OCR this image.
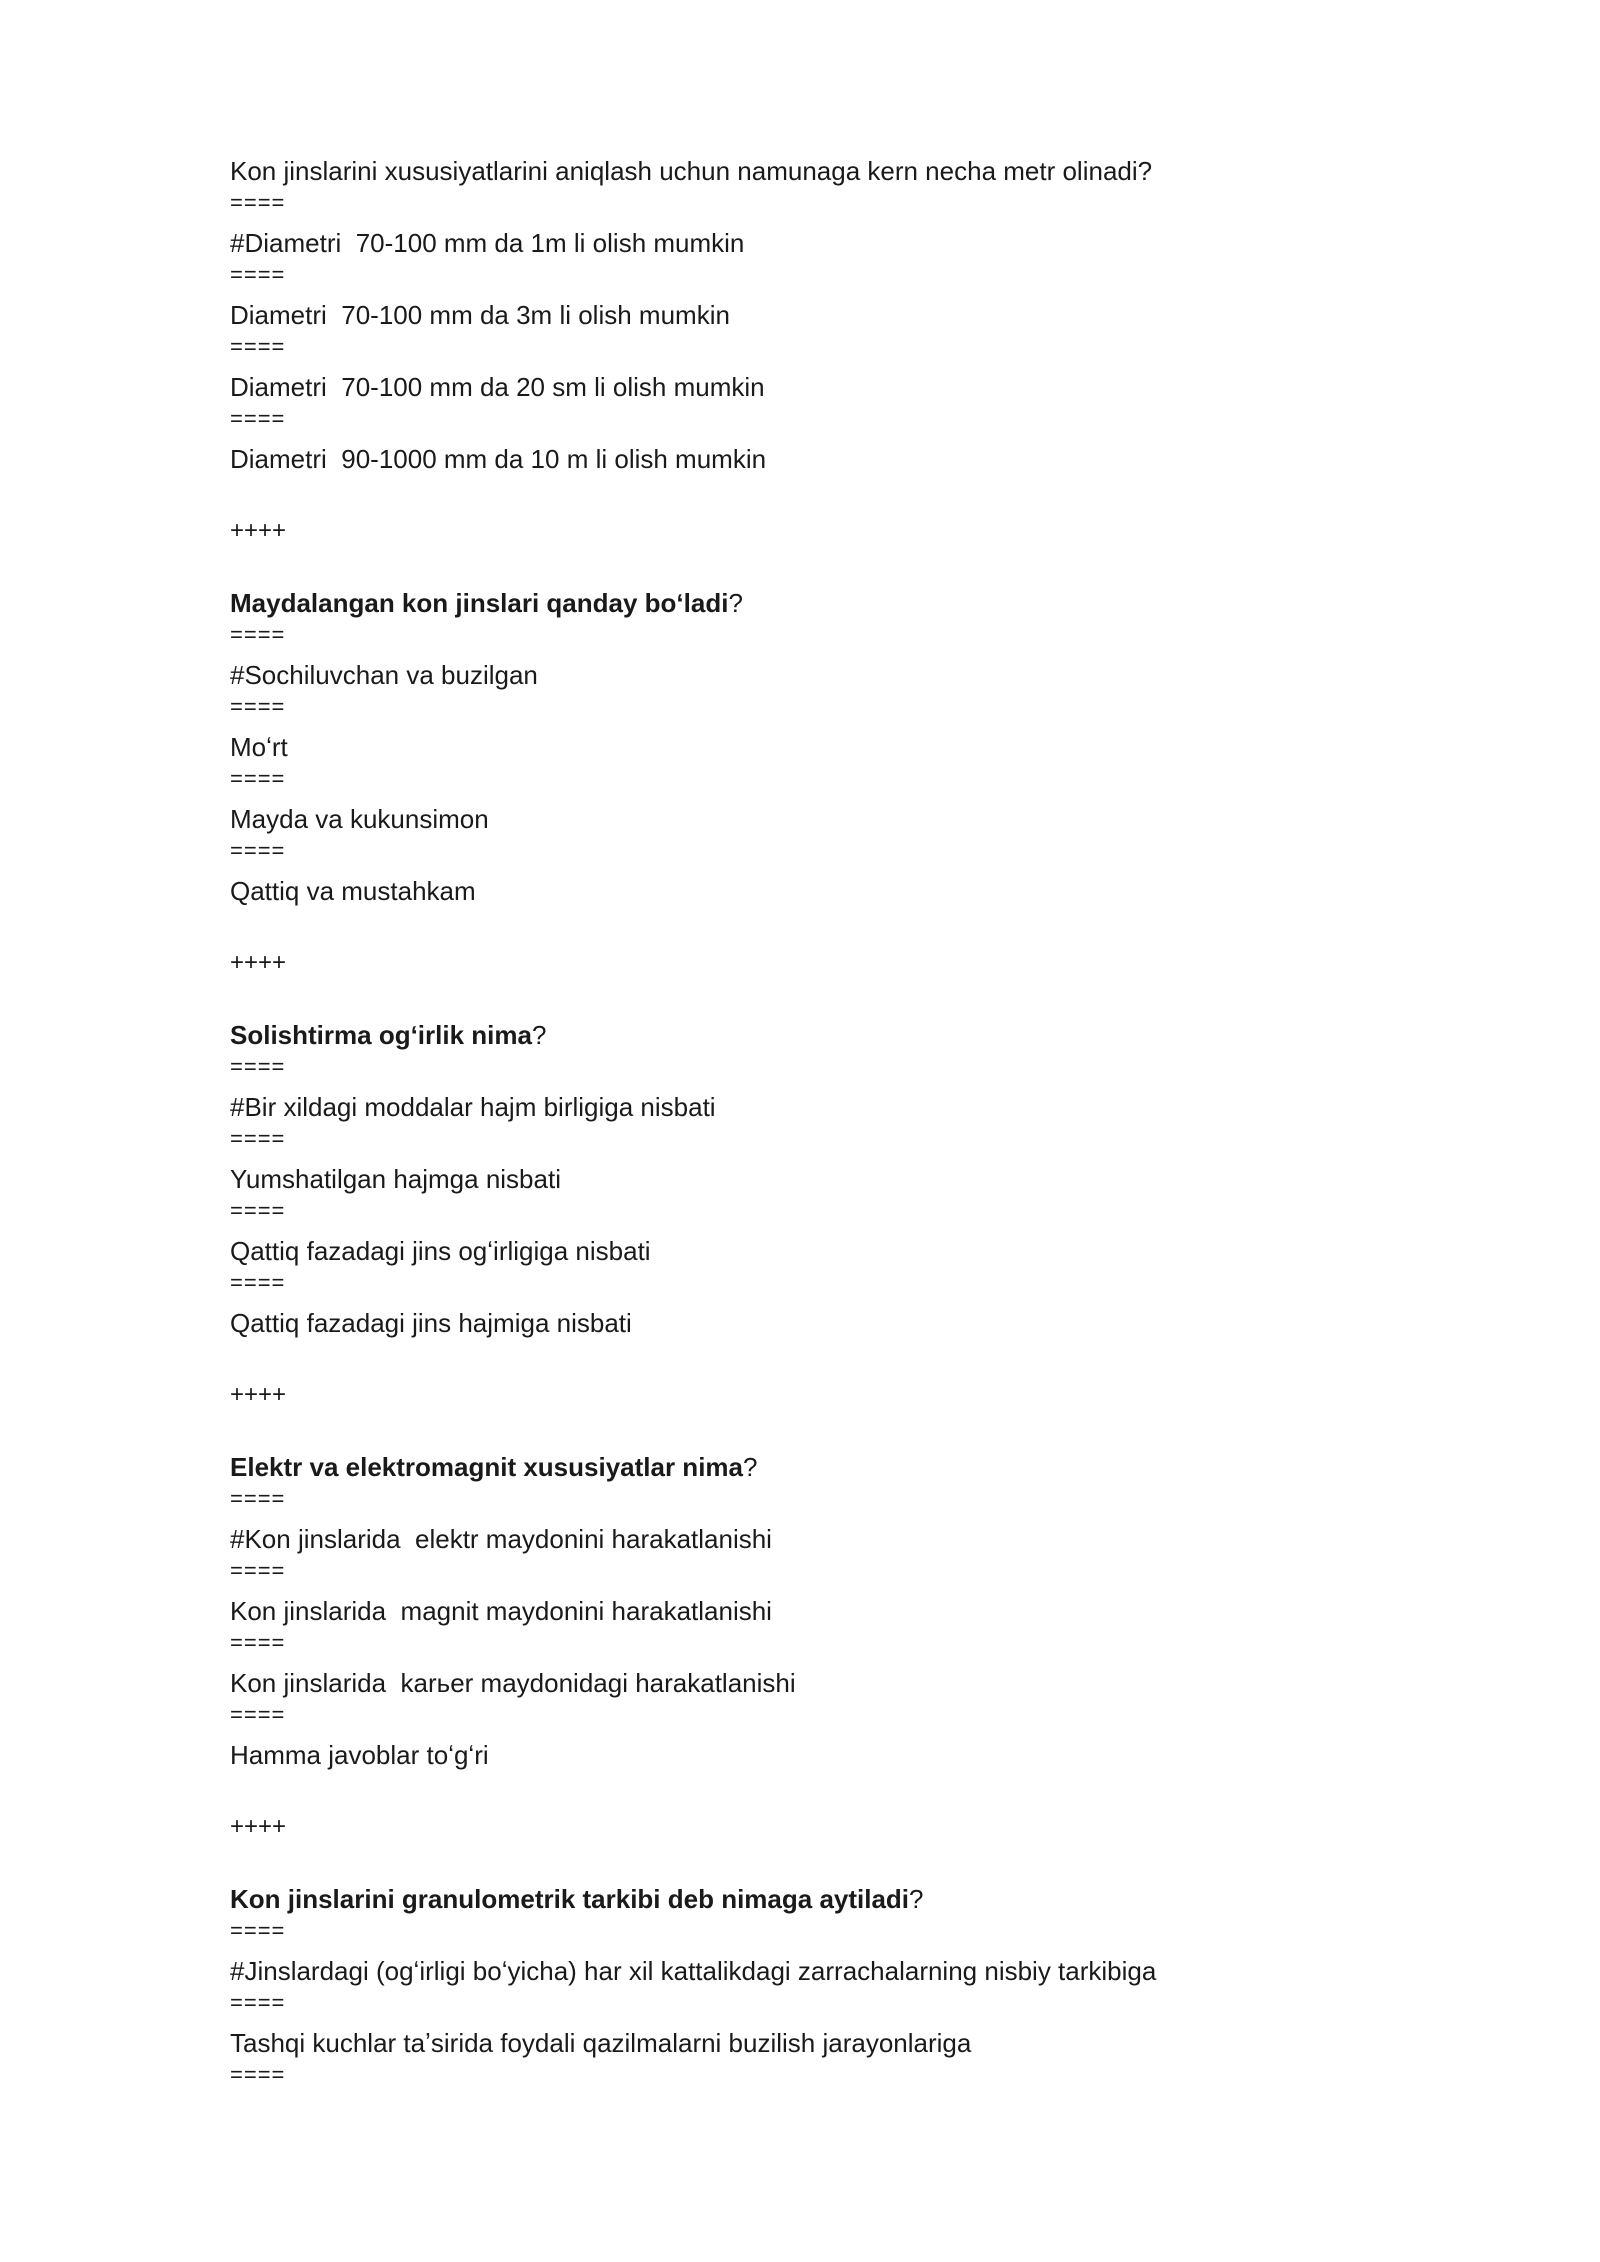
Kon jinslarini xususiyatlarini aniqlash uchun namunaga kern necha metr olinadi?
====
#Diametri  70-100 mm da 1m li olish mumkin
====
Diametri  70-100 mm da 3m li olish mumkin
====
Diametri  70-100 mm da 20 sm li olish mumkin
====
Diametri  90-1000 mm da 10 m li olish mumkin
++++
Maydalangan kon jinslari qanday boʻladi?
====
#Sochiluvchan va buzilgan
====
Moʻrt
====
Mayda va kukunsimon
====
Qattiq va mustahkam
++++
Solishtirma ogʻirlik nima?
====
#Bir xildagi moddalar hajm birligiga nisbati
====
Yumshatilgan hajmga nisbati
====
Qattiq fazadagi jins ogʻirligiga nisbati
====
Qattiq fazadagi jins hajmiga nisbati
++++
Elektr va elektromagnit xususiyatlar nima?
====
#Kon jinslarida  elektr maydonini harakatlanishi
====
Kon jinslarida  magnit maydonini harakatlanishi
====
Kon jinslarida  karьer maydonidagi harakatlanishi
====
Hamma javoblar toʻgʻri
++++
Kon jinslarini granulometrik tarkibi deb nimaga aytiladi?
====
#Jinslardagi (ogʻirligi boʻyicha) har xil kattalikdagi zarrachalarning nisbiy tarkibiga
====
Tashqi kuchlar taʼsirida foydali qazilmalarni buzilish jarayonlariga
====
